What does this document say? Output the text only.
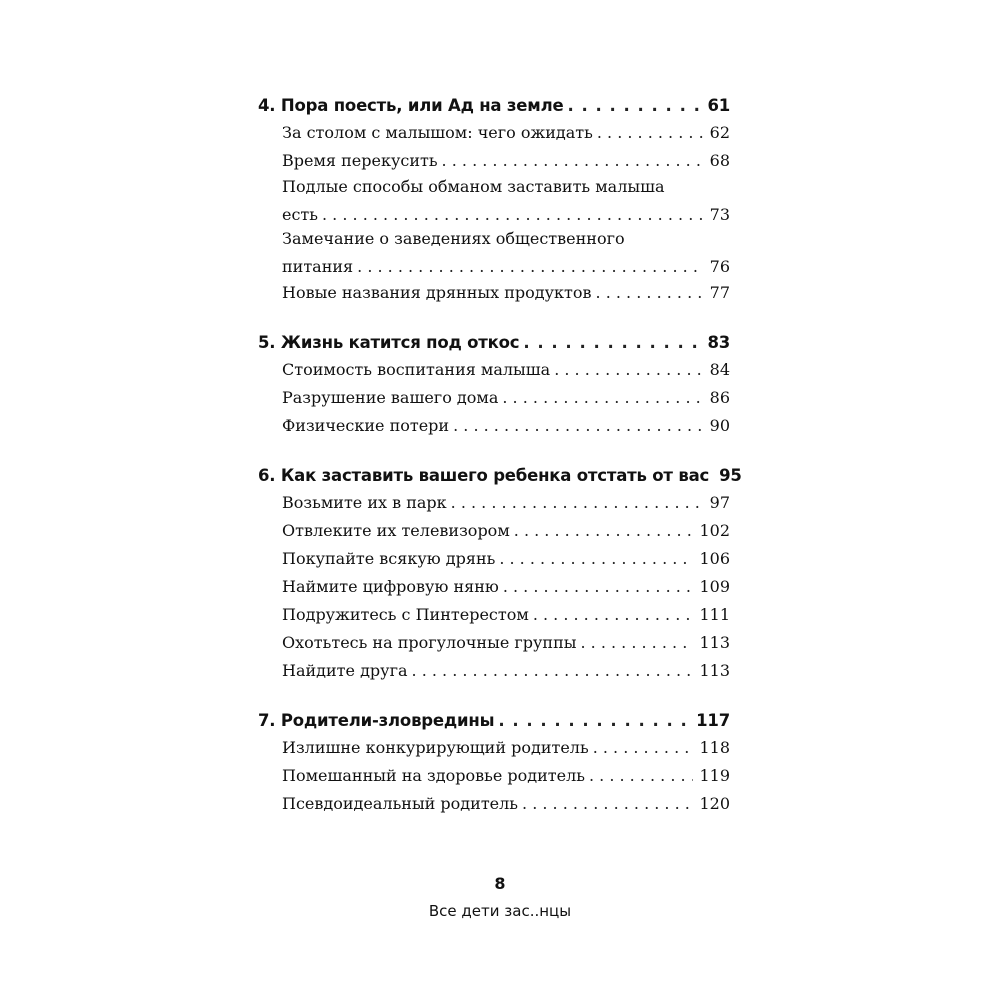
4. Пора поесть, или Ад на земле . . .	61
За столом с малышом: чего ожидать . . .	62
Время перекусить . . .	68
Подлые способы обманом заставить малыша
есть . . .	73
Замечание о заведениях общественного
питания . . .	76
Новые названия дрянных продуктов . . .	77
5. Жизнь катится под откос . . .	83
Стоимость воспитания малыша . . .	84
Разрушение вашего дома . . .	86
Физические потери . . .	90
6. Как заставить вашего ребенка отстать от вас 95
Возьмите их в парк . . .	97
Отвлеките их телевизором . . .	102
Покупайте всякую дрянь . . .	106
Наймите цифровую няню . . .	109
Подружитесь с Пинтерестом . . .	111
Охотьтесь на прогулочные группы . . .	113
Найдите друга . . .	113
7. Родители-зловредины . . .	117
Излишне конкурирующий родитель . . .	118
Помешанный на здоровье родитель . . .	119
Псевдоидеальный родитель . . .	120
8
Все дети зас..нцы
